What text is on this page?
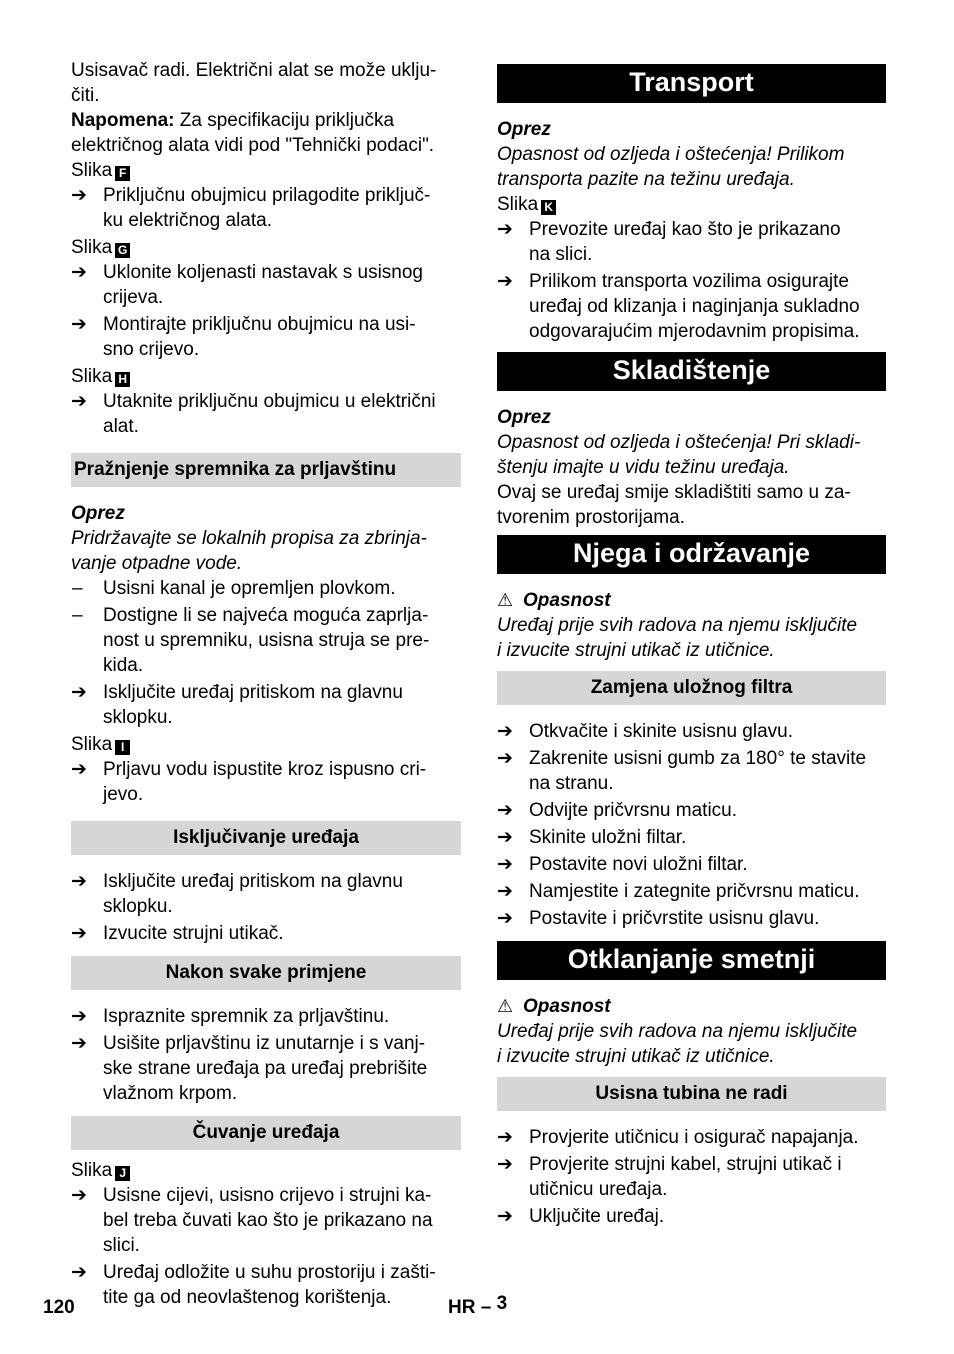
Usisavač radi. Električni alat se može uklju-

čiti.

Napomena: Za specifikaciju priključka

električnog alata vidi pod "Tehnički podaci".

Slika F

➔ Priključnu obujmicu prilagodite priključ-
ku električnog alata.

Slika G

➔ Uklonite koljenasti nastavak s usisnog
crijeva.
➔ Montirajte priključnu obujmicu na usi-
sno crijevo.

Slika H

➔ Utaknite priključnu obujmicu u električni
alat.
Pražnjenje spremnika za prljavštinu

Oprez

Pridržavajte se lokalnih propisa za zbrinja-

vanje otpadne vode.

–	Usisni kanal je opremljen plovkom.
–	Dostigne li se najveća moguća zaprlja-
nost u spremniku, usisna struja se pre-
kida.
➔ Isključite uređaj pritiskom na glavnu
sklopku.

Slika I

➔ Prljavu vodu ispustite kroz ispusno cri-
jevo.
Isključivanje uređaja
➔ Isključite uređaj pritiskom na glavnu
sklopku.
➔ Izvucite strujni utikač.
Nakon svake primjene
➔ Ispraznite spremnik za prljavštinu.
➔ Usišite prljavštinu iz unutarnje i s vanj-
ske strane uređaja pa uređaj prebrišite
vlažnom krpom.
Čuvanje uređaja

Slika J

➔ Usisne cijevi, usisno crijevo i strujni ka-
bel treba čuvati kao što je prikazano na
slici.
➔ Uređaj odložite u suhu prostoriju i zašti-
tite ga od neovlaštenog korištenja.
Transport

Oprez

Opasnost od ozljeda i oštećenja! Prilikom

transporta pazite na težinu uređaja.

Slika K

➔ Prevozite uređaj kao što je prikazano
na slici.
➔ Prilikom transporta vozilima osigurajte
uređaj od klizanja i naginjanja sukladno
odgovarajućim mjerodavnim propisima.
Skladištenje

Oprez

Opasnost od ozljeda i oštećenja! Pri skladi-

štenju imajte u vidu težinu uređaja.

Ovaj se uređaj smije skladištiti samo u za-

tvorenim prostorijama.

Njega i održavanje

⚠ Opasnost

Uređaj prije svih radova na njemu isključite

i izvucite strujni utikač iz utičnice.

Zamjena uložnog filtra
➔ Otkvačite i skinite usisnu glavu.
➔ Zakrenite usisni gumb za 180° te stavite
na stranu.
➔ Odvijte pričvrsnu maticu.
➔ Skinite uložni filtar.
➔ Postavite novi uložni filtar.
➔ Namjestite i zategnite pričvrsnu maticu.
➔ Postavite i pričvrstite usisnu glavu.
Otklanjanje smetnji

⚠ Opasnost

Uređaj prije svih radova na njemu isključite

i izvucite strujni utikač iz utičnice.

Usisna tubina ne radi
➔ Provjerite utičnicu i osigurač napajanja.
➔ Provjerite strujni kabel, strujni utikač i
utičnicu uređaja.
➔ Uključite uređaj.
120	HR – 3
